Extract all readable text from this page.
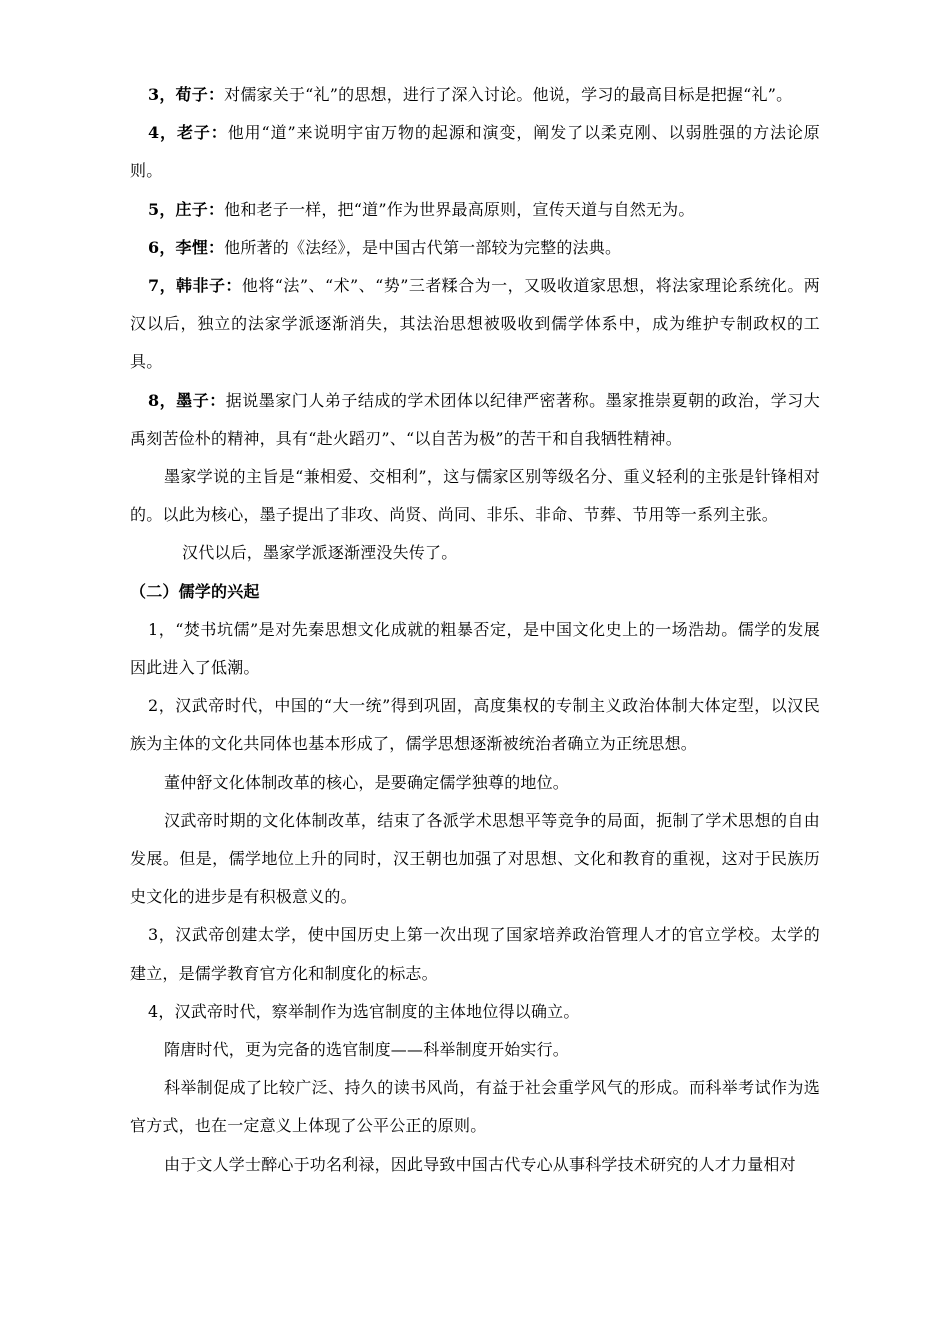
3，荀子：对儒家关于“礼”的思想，进行了深入讨论。他说，学习的最高目标是把握“礼”。

4，老子：他用“道”来说明宇宙万物的起源和演变，阐发了以柔克刚、以弱胜强的方法论原则。

5，庄子：他和老子一样，把“道”作为世界最高原则，宣传天道与自然无为。

6，李悝：他所著的《法经》，是中国古代第一部较为完整的法典。

7，韩非子：他将“法”、“术”、“势”三者糅合为一，又吸收道家思想，将法家理论系统化。两汉以后，独立的法家学派逐渐消失，其法治思想被吸收到儒学体系中，成为维护专制政权的工具。

8，墨子：据说墨家门人弟子结成的学术团体以纪律严密著称。墨家推崇夏朝的政治，学习大禹刻苦俭朴的精神，具有“赴火蹈刃”、“以自苦为极”的苦干和自我牺牲精神。

墨家学说的主旨是“兼相爱、交相利”，这与儒家区别等级名分、重义轻利的主张是针锋相对的。以此为核心，墨子提出了非攻、尚贤、尚同、非乐、非命、节葬、节用等一系列主张。

汉代以后，墨家学派逐渐湮没失传了。

（二）儒学的兴起

1，“焚书坑儒”是对先秦思想文化成就的粗暴否定，是中国文化史上的一场浩劫。儒学的发展因此进入了低潮。

2，汉武帝时代，中国的“大一统”得到巩固，高度集权的专制主义政治体制大体定型，以汉民族为主体的文化共同体也基本形成了，儒学思想逐渐被统治者确立为正统思想。

董仲舒文化体制改革的核心，是要确定儒学独尊的地位。

汉武帝时期的文化体制改革，结束了各派学术思想平等竞争的局面，扼制了学术思想的自由发展。但是，儒学地位上升的同时，汉王朝也加强了对思想、文化和教育的重视，这对于民族历史文化的进步是有积极意义的。

3，汉武帝创建太学，使中国历史上第一次出现了国家培养政治管理人才的官立学校。太学的建立，是儒学教育官方化和制度化的标志。

4，汉武帝时代，察举制作为选官制度的主体地位得以确立。

隋唐时代，更为完备的选官制度——科举制度开始实行。

科举制促成了比较广泛、持久的读书风尚，有益于社会重学风气的形成。而科举考试作为选官方式，也在一定意义上体现了公平公正的原则。

由于文人学士醉心于功名利禄，因此导致中国古代专心从事科学技术研究的人才力量相对
